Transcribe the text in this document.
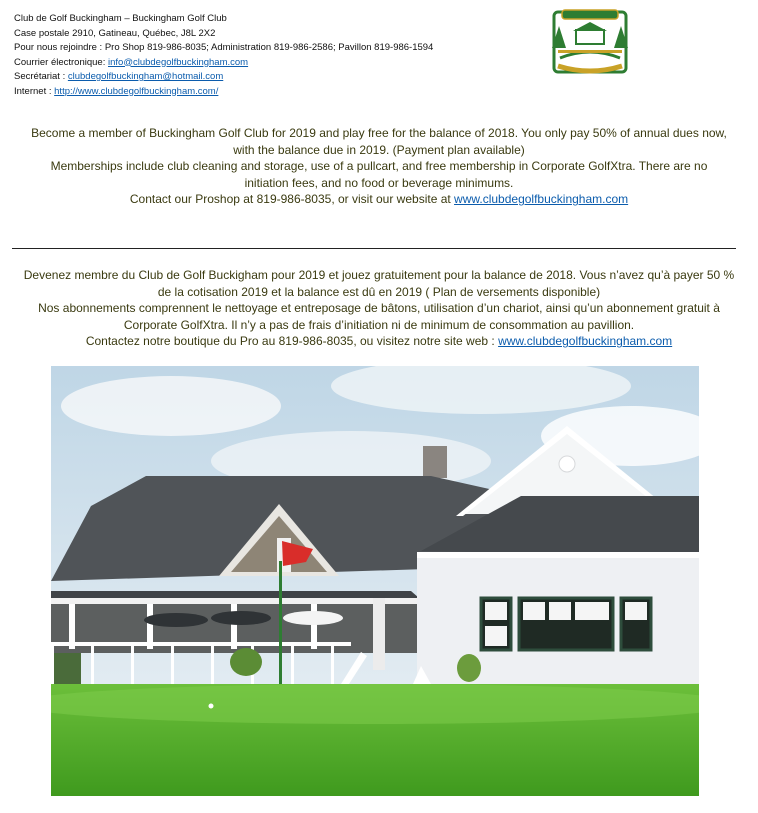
Club de Golf Buckingham – Buckingham Golf Club
Case postale 2910, Gatineau, Québec, J8L 2X2
Pour nous rejoindre : Pro Shop 819-986-8035; Administration 819-986-2586; Pavillon 819-986-1594
Courrier électronique: info@clubdegolfbuckingham.com
Secrétariat : clubdegolfbuckingham@hotmail.com
Internet : http://www.clubdegolfbuckingham.com/
Become a member of Buckingham Golf Club for 2019 and play free for the balance of 2018. You only pay 50% of annual dues now,
with the balance due in 2019. (Payment plan available)
Memberships include club cleaning and storage, use of a pullcart, and free membership in Corporate GolfXtra. There are no
initiation fees, and no food or beverage minimums.
Contact our Proshop at 819-986-8035, or visit our website at www.clubdegolfbuckingham.com
Devenez membre du Club de Golf Buckigham pour 2019 et jouez gratuitement pour la balance de 2018. Vous n’avez qu’à payer 50 %
de la cotisation 2019 et la balance est dû en 2019 ( Plan de versements disponible)
Nos abonnements comprennent le nettoyage et entreposage de bâtons, utilisation d’un chariot, ainsi qu’un abonnement gratuit à
Corporate GolfXtra. Il n’y a pas de frais d’initiation ni de minimum de consommation au pavillion.
Contactez notre boutique du Pro au 819-986-8035, ou visitez notre site web : www.clubdegolfbuckingham.com
